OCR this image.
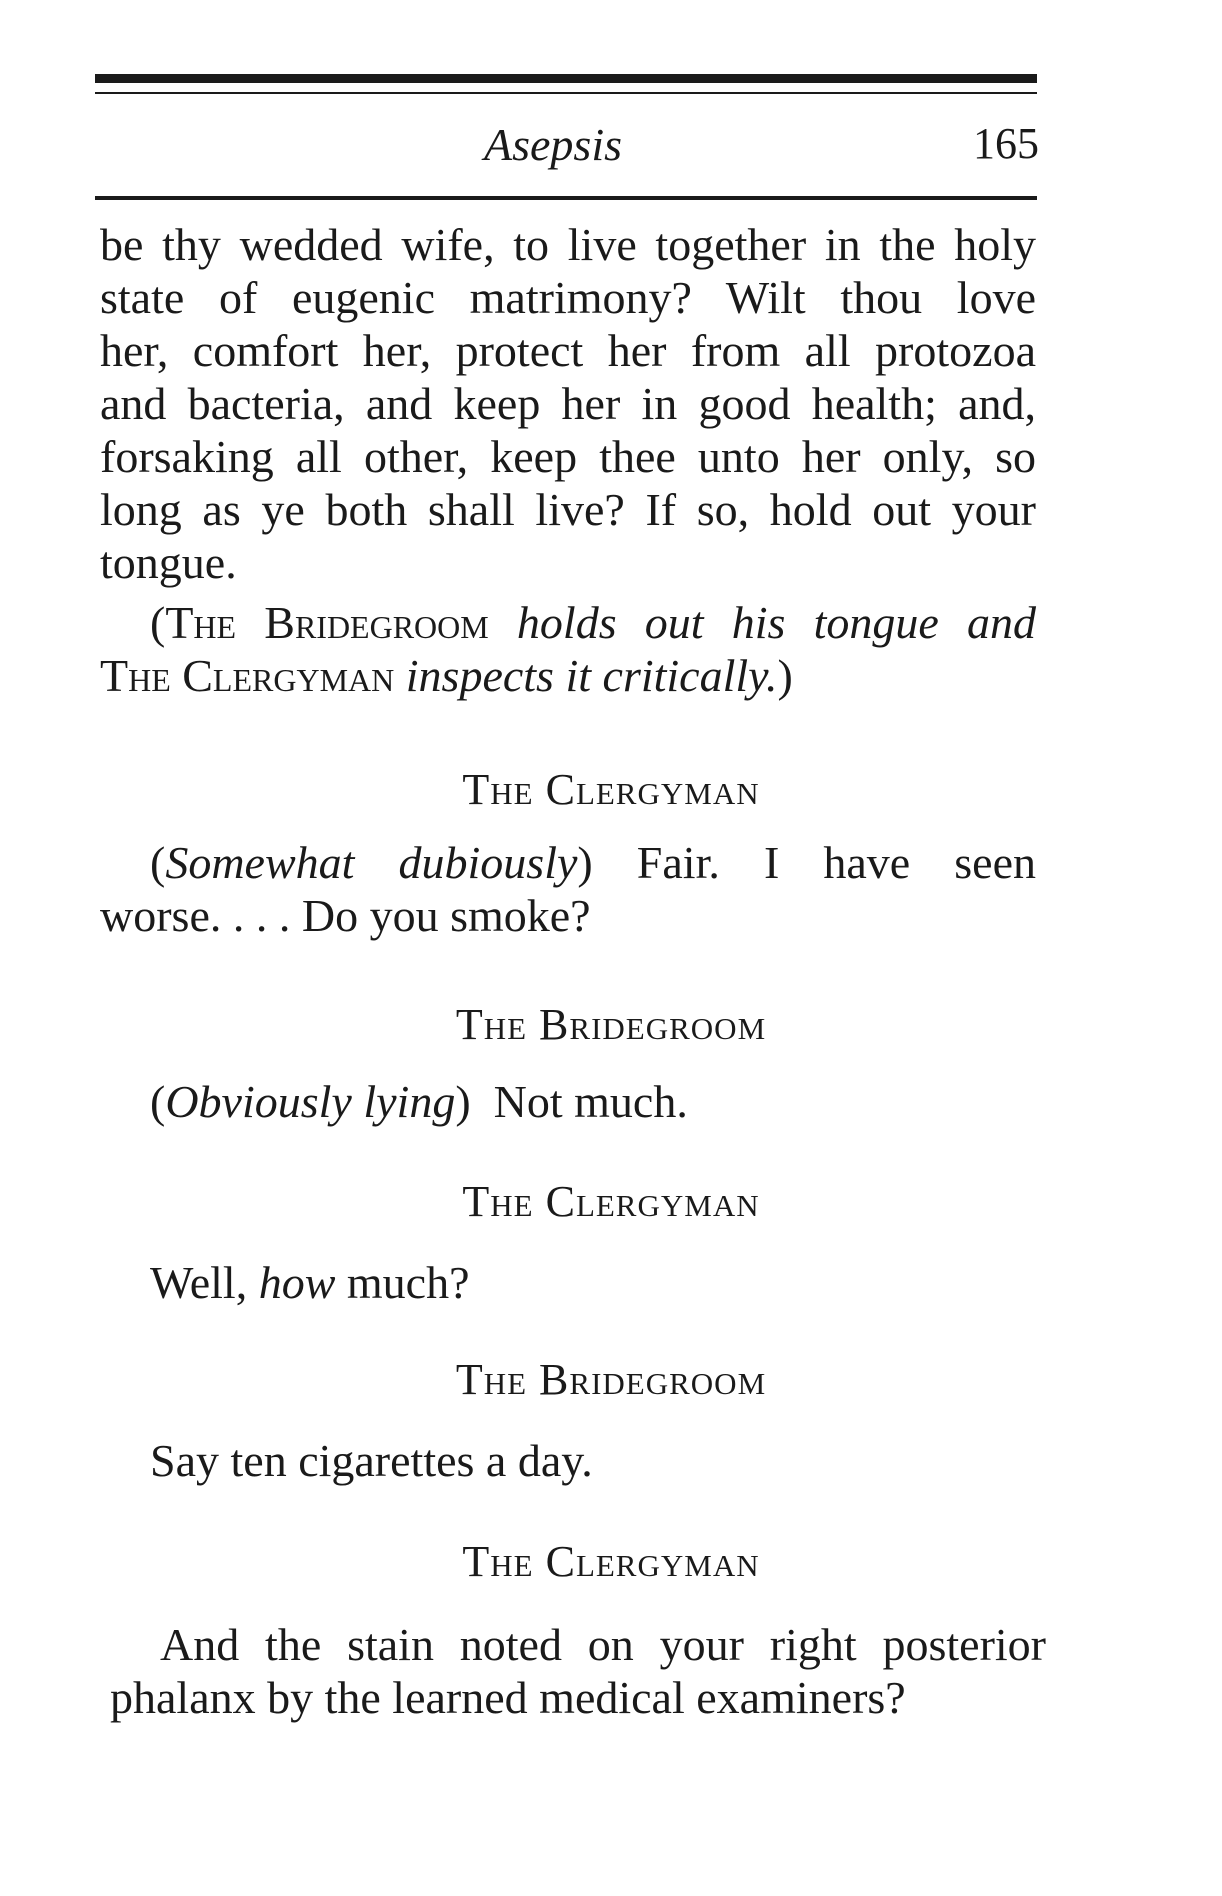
Asepsis	165
be thy wedded wife, to live together in the holy
state of eugenic matrimony? Wilt thou love
her, comfort her, protect her from all protozoa
and bacteria, and keep her in good health; and,
forsaking all other, keep thee unto her only, so
long as ye both shall live? If so, hold out your
tongue.
(The Bridegroom holds out his tongue and
The Clergyman inspects it critically.)
The Clergyman
(Somewhat dubiously) Fair. I have seen
worse. . . . Do you smoke?
The Bridegroom
(Obviously lying)  Not much.
The Clergyman
Well, how much?
The Bridegroom
Say ten cigarettes a day.
The Clergyman
And the stain noted on your right posterior
phalanx by the learned medical examiners?
